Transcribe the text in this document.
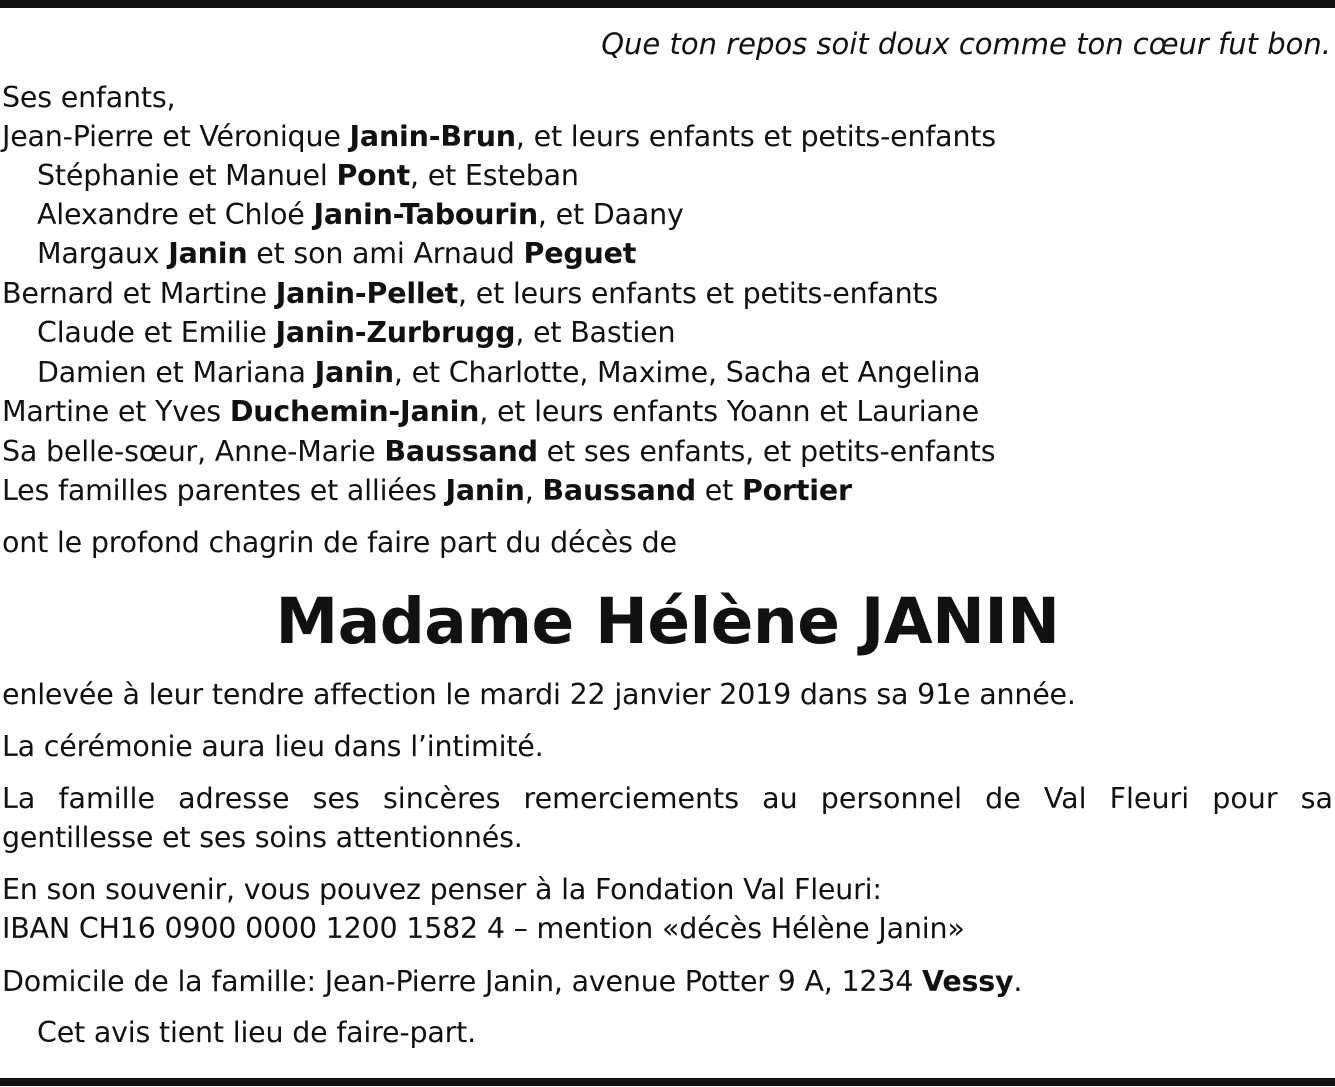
Que ton repos soit doux comme ton cœur fut bon.
Ses enfants,
Jean-Pierre et Véronique Janin-Brun, et leurs enfants et petits-enfants
Stéphanie et Manuel Pont, et Esteban
Alexandre et Chloé Janin-Tabourin, et Daany
Margaux Janin et son ami Arnaud Peguet
Bernard et Martine Janin-Pellet, et leurs enfants et petits-enfants
Claude et Emilie Janin-Zurbrugg, et Bastien
Damien et Mariana Janin, et Charlotte, Maxime, Sacha et Angelina
Martine et Yves Duchemin-Janin, et leurs enfants Yoann et Lauriane
Sa belle-sœur, Anne-Marie Baussand et ses enfants, et petits-enfants
Les familles parentes et alliées Janin, Baussand et Portier
ont le profond chagrin de faire part du décès de
Madame Hélène JANIN
enlevée à leur tendre affection le mardi 22 janvier 2019 dans sa 91e année.
La cérémonie aura lieu dans l’intimité.
La famille adresse ses sincères remerciements au personnel de Val Fleuri pour sa
gentillesse et ses soins attentionnés.
En son souvenir, vous pouvez penser à la Fondation Val Fleuri:
IBAN CH16 0900 0000 1200 1582 4 – mention «décès Hélène Janin»
Domicile de la famille: Jean-Pierre Janin, avenue Potter 9 A, 1234 Vessy.
Cet avis tient lieu de faire-part.
